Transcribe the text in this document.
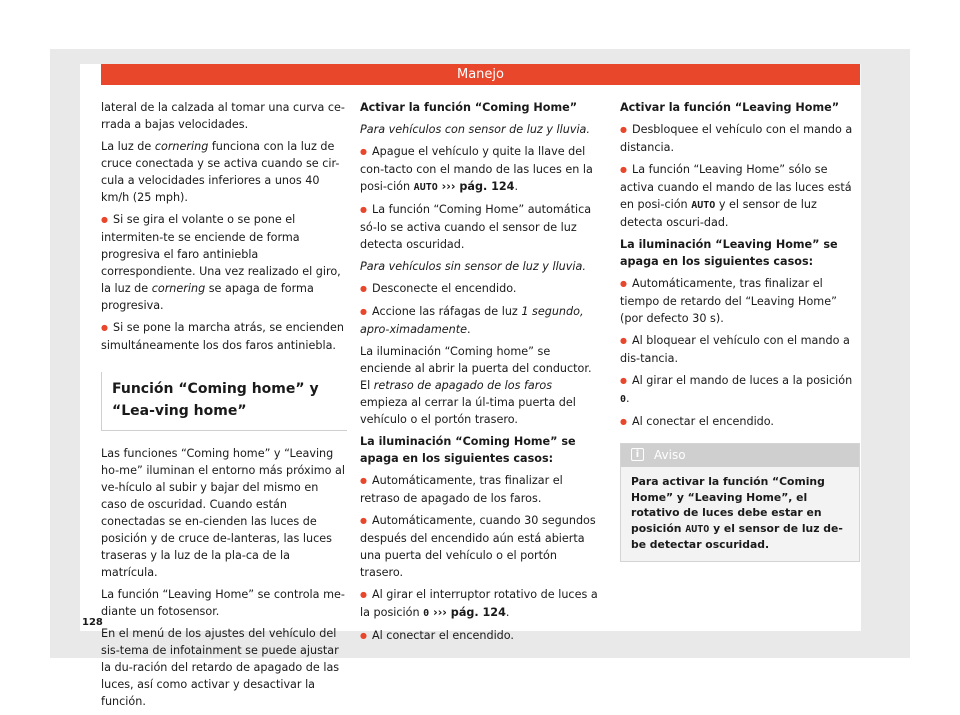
Manejo

lateral de la calzada al tomar una curva ce-rrada a bajas velocidades.

La luz de cornering funciona con la luz de cruce conectada y se activa cuando se cir-cula a velocidades inferiores a unos 40 km/h (25 mph).

● Si se gira el volante o se pone el intermiten-te se enciende de forma progresiva el faro antiniebla correspondiente. Una vez realizado el giro, la luz de cornering se apaga de forma progresiva.

● Si se pone la marcha atrás, se encienden simultáneamente los dos faros antiniebla.

Función “Coming home” y “Lea-ving home”

Las funciones “Coming home” y “Leaving ho-me” iluminan el entorno más próximo al ve-hículo al subir y bajar del mismo en caso de oscuridad. Cuando están conectadas se en-cienden las luces de posición y de cruce de-lanteras, las luces traseras y la luz de la pla-ca de la matrícula.

La función “Leaving Home” se controla me-diante un fotosensor.

En el menú de los ajustes del vehículo del sis-tema de infotainment se puede ajustar la du-ración del retardo de apagado de las luces, así como activar y desactivar la función.

Activar la función “Coming Home”

Para vehículos con sensor de luz y lluvia.

● Apague el vehículo y quite la llave del con-tacto con el mando de las luces en la posi-ción AUTO ››› pág. 124.

● La función “Coming Home” automática só-lo se activa cuando el sensor de luz detecta oscuridad.

Para vehículos sin sensor de luz y lluvia.

● Desconecte el encendido.

● Accione las ráfagas de luz 1 segundo, apro-ximadamente.

La iluminación “Coming home” se enciende al abrir la puerta del conductor. El retraso de apagado de los faros empieza al cerrar la úl-tima puerta del vehículo o el portón trasero.

La iluminación “Coming Home” se apaga en los siguientes casos:

● Automáticamente, tras finalizar el retraso de apagado de los faros.

● Automáticamente, cuando 30 segundos después del encendido aún está abierta una puerta del vehículo o el portón trasero.

● Al girar el interruptor rotativo de luces a la posición 0 ››› pág. 124.

● Al conectar el encendido.

Activar la función “Leaving Home”

● Desbloquee el vehículo con el mando a distancia.

● La función “Leaving Home” sólo se activa cuando el mando de las luces está en posi-ción AUTO y el sensor de luz detecta oscuri-dad.

La iluminación “Leaving Home” se apaga en los siguientes casos:

● Automáticamente, tras finalizar el tiempo de retardo del “Leaving Home” (por defecto 30 s).

● Al bloquear el vehículo con el mando a dis-tancia.

● Al girar el mando de luces a la posición 0.

● Al conectar el encendido.

i Aviso
Para activar la función “Coming Home” y “Leaving Home”, el rotativo de luces debe estar en posición AUTO y el sensor de luz de-be detectar oscuridad.
128
